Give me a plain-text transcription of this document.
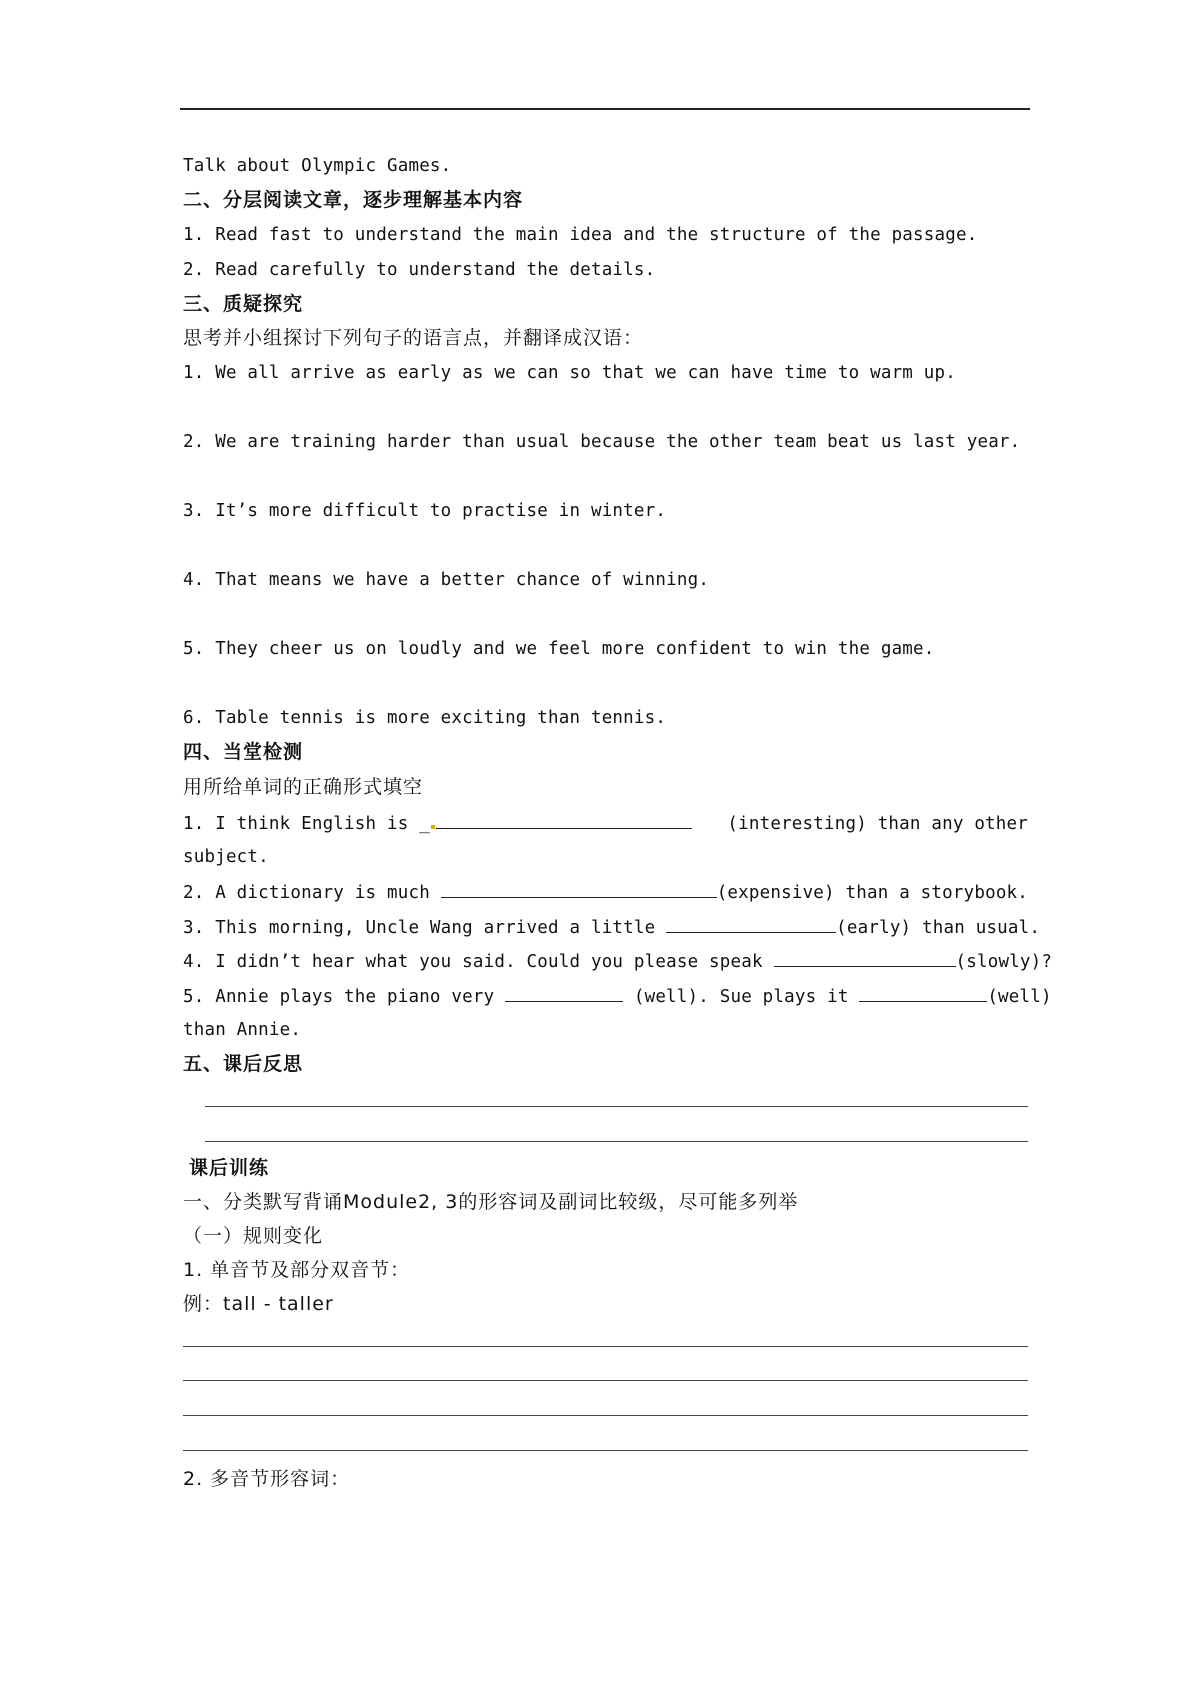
Talk about Olympic Games.
二、分层阅读文章，逐步理解基本内容
1. Read fast to understand the main idea and the structure of the passage.
2. Read carefully to understand the details.
三、质疑探究
思考并小组探讨下列句子的语言点，并翻译成汉语：
1. We all arrive as early as we can so that we can have time to warm up.
2. We are training harder than usual because the other team beat us last year.
3. It’s more difficult to practise in winter.
4. That means we have a better chance of winning.
5. They cheer us on loudly and we feel more confident to win the game.
6. Table tennis is more exciting than tennis.
四、当堂检测
用所给单词的正确形式填空
1. I think English is _	(interesting) than any other
subject.
2. A dictionary is much	(expensive) than a storybook.
3. This morning, Uncle Wang arrived a little	(early) than usual.
4. I didn’t hear what you said. Could you please speak	(slowly)?
5. Annie plays the piano very	(well). Sue plays it	(well)
than Annie.
五、课后反思
课后训练
一、分类默写背诵Module2, 3的形容词及副词比较级，尽可能多列举
（一）规则变化
1. 单音节及部分双音节：
例：tall - taller
2. 多音节形容词：
